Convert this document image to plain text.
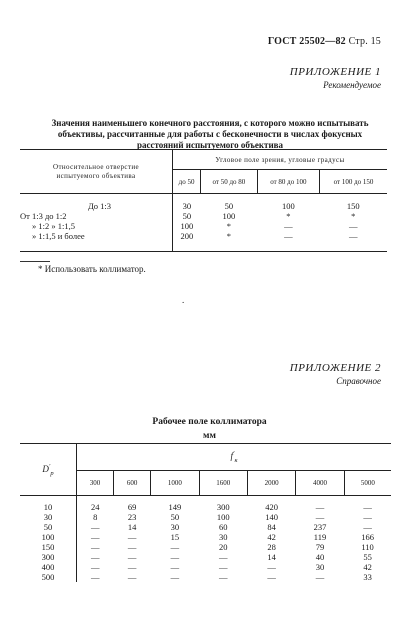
ГОСТ 25502—82 Стр. 15
ПРИЛОЖЕНИЕ 1
Рекомендуемое
Значения наименьшего конечного расстояния, с которого можно испытывать
объективы, рассчитанные для работы с бесконечности в числах фокусных
расстояний испытуемого объектива
Относительное отверстие
испытуемого объектива	Угловое поле зрения, угловые градусы			
	до 50	от 50 до 80	от 80 до 100	от 100 до 150
До 1:3	30	50	100	150
От 1:3 до 1:2	50	100	*	*
» 1:2 » 1:1,5	100	*	—	—
» 1:1,5 и более	200	*	—	—
* Использовать коллиматор.
.
ПРИЛОЖЕНИЕ 2
Справочное
Рабочее поле коллиматора
мм
$D'_p$	$f'_к$
	300	600	1000	1600	2000	4000	5000
10	24	69	149	300	420	—	—
30	8	23	50	100	140	—	—
50	—	14	30	60	84	237	—
100	—	—	15	30	42	119	166
150	—	—	—	20	28	79	110
300	—	—	—	—	14	40	55
400	—	—	—	—	—	30	42
500	—	—	—	—	—	—	33
